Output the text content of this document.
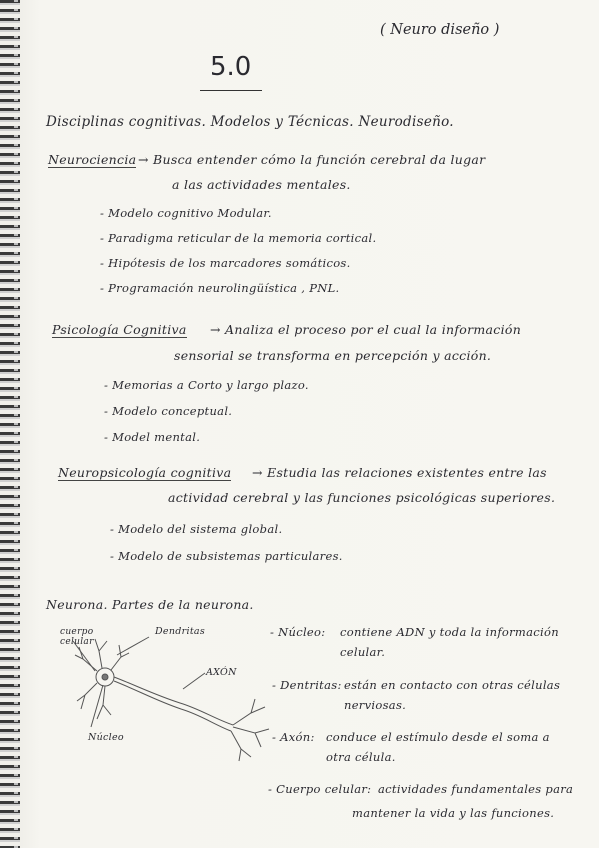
( Neuro diseño )
5.0
Disciplinas cognitivas. Modelos y Técnicas. Neurodiseño.
Neurociencia → Busca entender cómo la función cerebral da lugar
a las actividades mentales.
- Modelo cognitivo Modular.
- Paradigma reticular de la memoria cortical.
- Hipótesis de los marcadores somáticos.
- Programación neurolingüística , PNL.
Psicología Cognitiva → Analiza el proceso por el cual la información
sensorial se transforma en percepción y acción.
- Memorias a Corto y largo plazo.
- Modelo conceptual.
- Model mental.
Neuropsicología cognitiva → Estudia las relaciones existentes entre las
actividad cerebral y las funciones psicológicas superiores.
- Modelo del sistema global.
- Modelo de subsistemas particulares.
Neurona. Partes de la neurona.
cuerpo
celular
Dendritas
AXÓN
Núcleo
- Núcleo: contiene ADN y toda la información
celular.
- Dentritas: están en contacto con otras células
nerviosas.
- Axón: conduce el estímulo desde el soma a
otra célula.
- Cuerpo celular: actividades fundamentales para
mantener la vida y las funciones.
